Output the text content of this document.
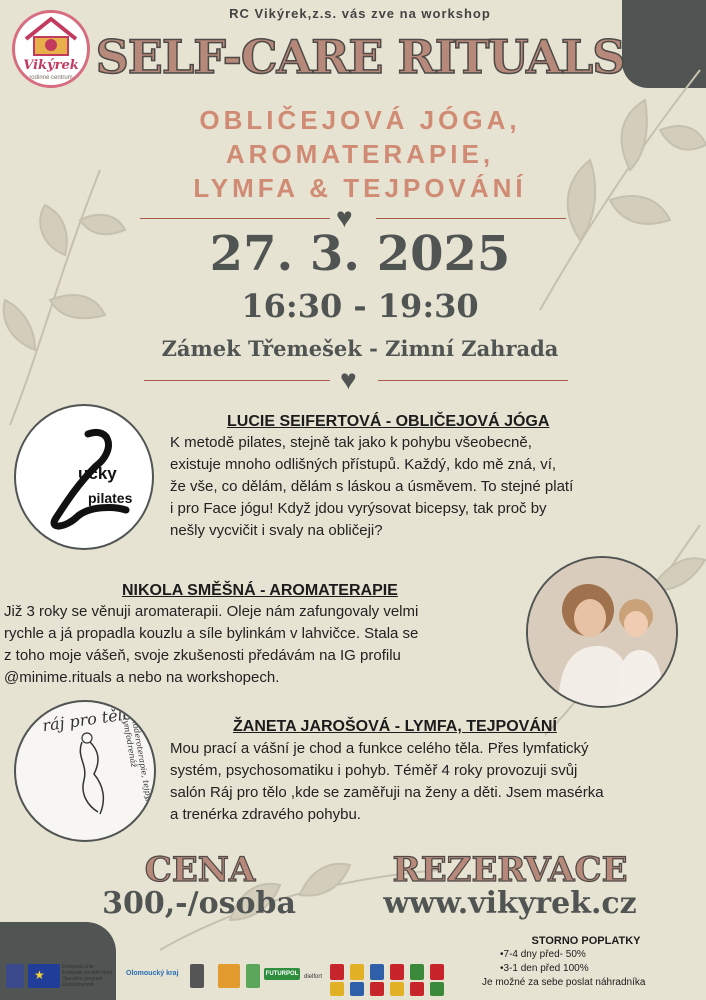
Vikýrek
rodinné centrum
RC Vikýrek,z.s. vás zve na workshop
SELF-CARE RITUALS
OBLIČEJOVÁ JÓGA,
AROMATERAPIE,
LYMFA & TEJPOVÁNÍ
♥
27. 3. 2025
16:30 - 19:30
Zámek Třemešek - Zimní Zahrada
♥
ucky
pilates
LUCIE SEIFERTOVÁ - OBLIČEJOVÁ JÓGA
K metodě pilates, stejně tak jako k pohybu všeobecně,
existuje mnoho odlišných přístupů. Každý, kdo mě zná, ví,
že vše, co dělám, dělám s láskou a úsměvem. To stejné platí
i pro Face jógu! Když jdou vyrýsovat bicepsy, tak proč by
nešly vycvičit i svaly na obličeji?
NIKOLA SMĚŠNÁ - AROMATERAPIE
Již 3 roky se věnuji aromaterapii. Oleje nám zafungovaly velmi
rychle a já propadla kouzlu a síle bylinkám v lahvičce. Stala se
z toho moje vášeň, svoje zkušenosti předávám na IG profilu
@minime.rituals a nebo na workshopech.
ráj pro tělo
maderoterapie, tejpy, lymfodrenáž	ŽANETA JAROŠOVÁ - LYMFA, TEJPOVÁNÍ
Mou prací a vášní je chod a funkce celého těla. Přes lymfatický
systém, psychosomatiku i pohyb. Téměř 4 roky provozuji svůj
salón Ráj pro tělo ,kde se zaměřuji na ženy a děti. Jsem masérka
a trenérka zdravého pohybu.
CENA
300,-/osoba
REZERVACE
www.vikyrek.cz
STORNO POPLATKY
• 7-4 dny před- 50%
• 3-1 den před 100%
Je možné za sebe poslat náhradníka
★
Evropská unie
Evropský sociální fond
Operační program Zaměstnanost
Olomoucký kraj	FUTURPOL dielfort
